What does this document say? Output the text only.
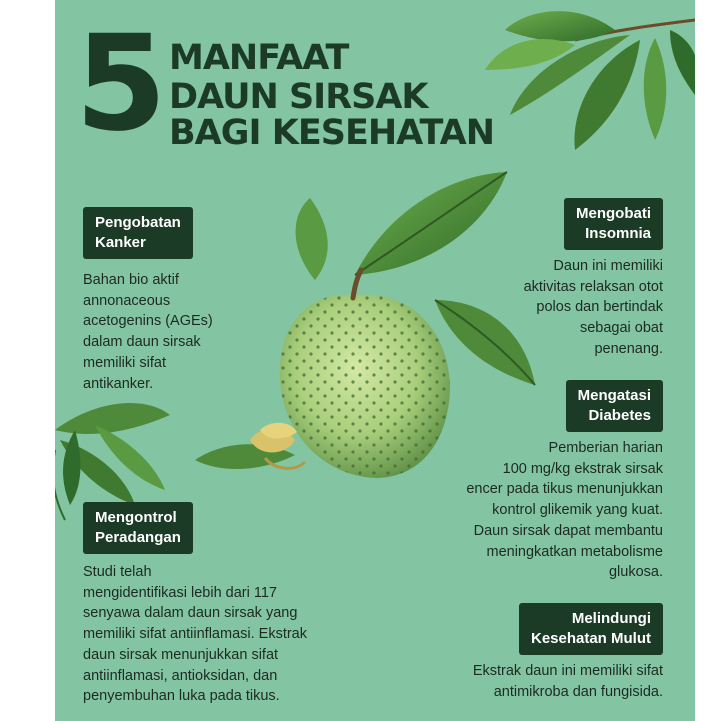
5 MANFAAT
DAUN SIRSAK
BAGI KESEHATAN
Pengobatan
Kanker
Bahan bio aktif
annonaceous
acetogenins (AGEs)
dalam daun sirsak
memiliki sifat
antikanker.
Mengobati
Insomnia
Daun ini memiliki
aktivitas relaksan otot
polos dan bertindak
sebagai obat
penenang.
Mengatasi
Diabetes
Pemberian harian
100 mg/kg ekstrak sirsak
encer pada tikus menunjukkan
kontrol glikemik yang kuat.
Daun sirsak dapat membantu
meningkatkan metabolisme
glukosa.
Mengontrol
Peradangan
Studi telah
mengidentifikasi lebih dari 117
senyawa dalam daun sirsak yang
memiliki sifat antiinflamasi. Ekstrak
daun sirsak menunjukkan sifat
antiinflamasi, antioksidan, dan
penyembuhan luka pada tikus.
Melindungi
Kesehatan Mulut
Ekstrak daun ini memiliki sifat
antimikroba dan fungisida.
